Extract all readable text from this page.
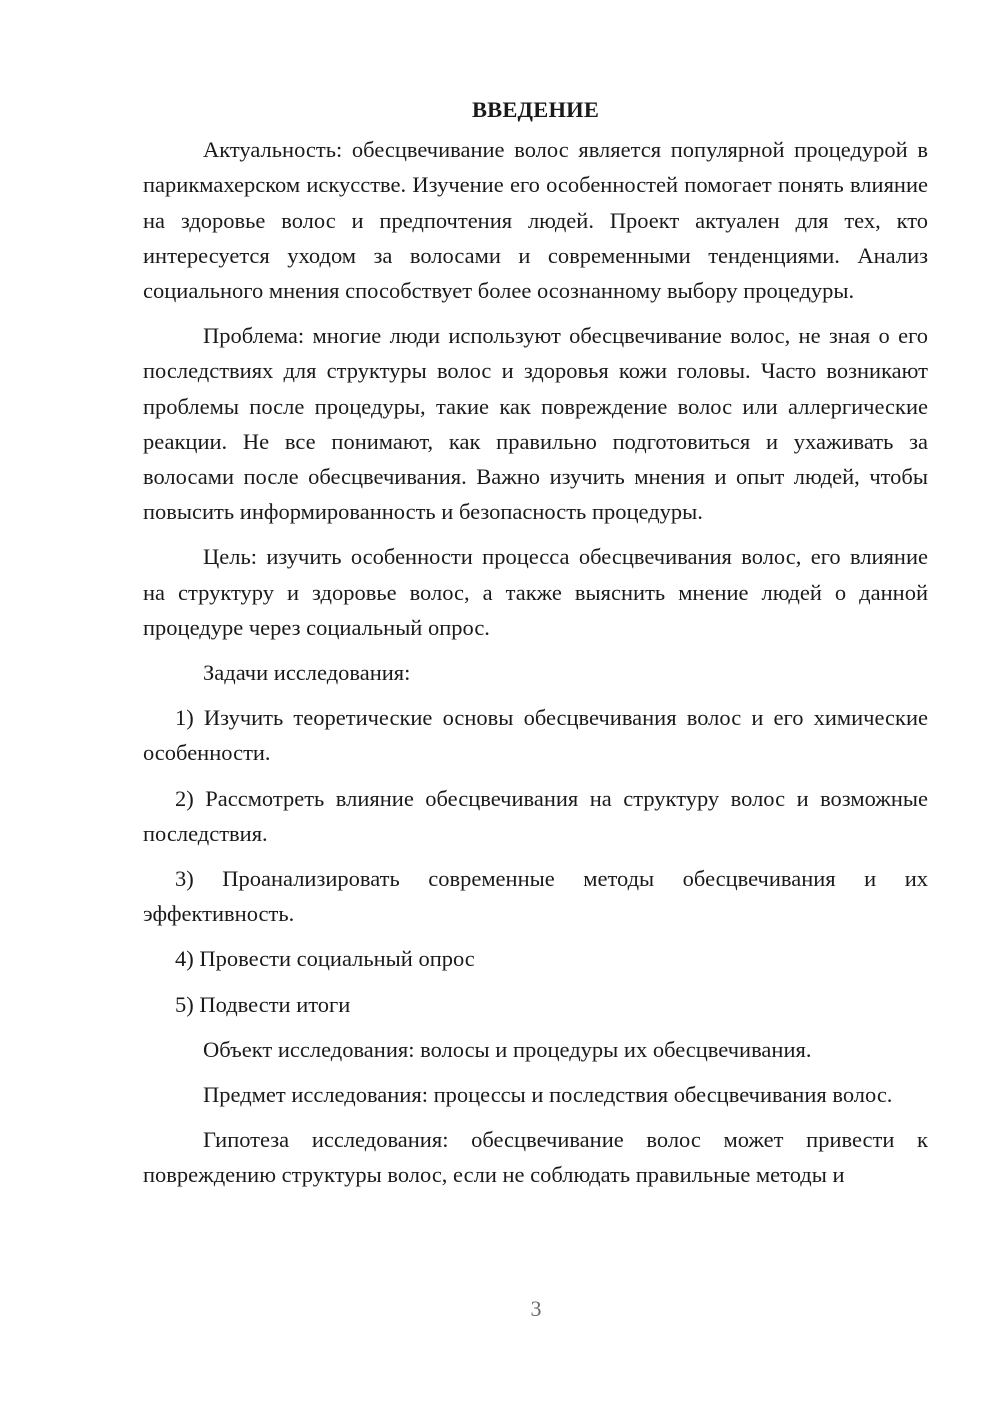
ВВЕДЕНИЕ

Актуальность: обесцвечивание волос является популярной процедурой в парикмахерском искусстве. Изучение его особенностей помогает понять влияние на здоровье волос и предпочтения людей. Проект актуален для тех, кто интересуется уходом за волосами и современными тенденциями. Анализ социального мнения способствует более осознанному выбору процедуры.

Проблема: многие люди используют обесцвечивание волос, не зная о его последствиях для структуры волос и здоровья кожи головы. Часто возникают проблемы после процедуры, такие как повреждение волос или аллергические реакции. Не все понимают, как правильно подготовиться и ухаживать за волосами после обесцвечивания. Важно изучить мнения и опыт людей, чтобы повысить информированность и безопасность процедуры.

Цель: изучить особенности процесса обесцвечивания волос, его влияние на структуру и здоровье волос, а также выяснить мнение людей о данной процедуре через социальный опрос.

Задачи исследования:

1) Изучить теоретические основы обесцвечивания волос и его химические особенности.

2) Рассмотреть влияние обесцвечивания на структуру волос и возможные последствия.

3) Проанализировать современные методы обесцвечивания и их эффективность.

4) Провести социальный опрос

5) Подвести итоги

Объект исследования: волосы и процедуры их обесцвечивания.

Предмет исследования: процессы и последствия обесцвечивания волос.

Гипотеза исследования: обесцвечивание волос может привести к повреждению структуры волос, если не соблюдать правильные методы и

3
